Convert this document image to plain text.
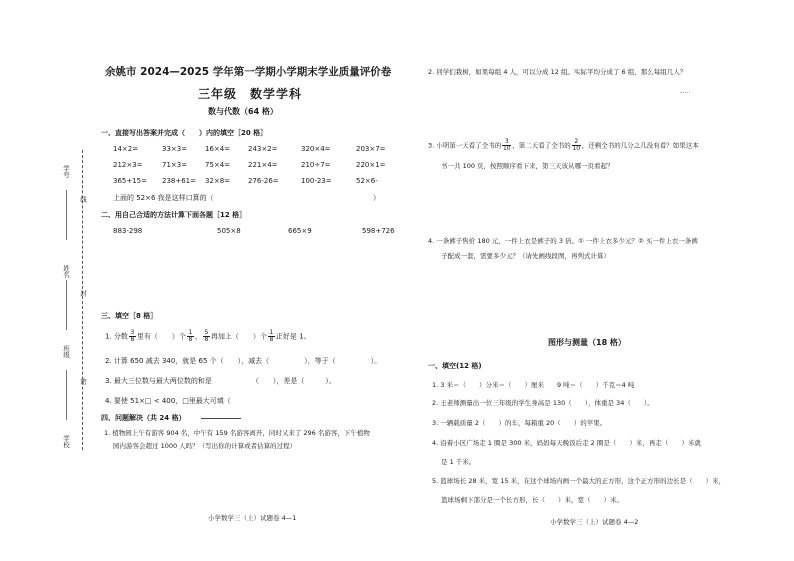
学号
线
姓名
封
班级
密
学校
余姚市 2024—2025 学年第一学期小学期末学业质量评价卷
三年级　数学学科
数与代数（64 格）
一、直接写出答案并完成（　　）内的填空［20 格］
14×2=	33×3=	16×4=	243×2=	320×4=	203×7=
212×3=	71×3=	75×4=	221×4=	210÷7=	220×1=
365+15= 238+61= 32×8=	276-26=	100-23=	52×6-
上面的 52×6 我是这样口算的（	）
二、用自己合适的方法计算下面各题［12 格］
883-298	505×8	665×9	598+726
三、填空［8 格］
1. 分数 $\frac{3}{8}$ 里有（　　）个 $\frac{1}{8}$ ， $\frac{5}{8}$ 再加上（　　）个 $\frac{1}{8}$ 正好是 1。
2. 计算 650 减去 340，就是 65 个（　　），减去（　　　　　），等于（　　　　　）。
3. 最大三位数与最大两位数的和是	（　　），差是（　　　）。
4. 要使 51×□ < 400，□里最大可填（
四、问题解决（共 24 格）
1. 植物园上午有游客 904 名，中午有 159 名游客离开，同时又来了 296 名游客，下午植物
园内游客会超过 1000 人吗？（写出你的计算或者估算的过程）
小学数学三（上）试题卷 4—1
2. 同学们栽树，如果每组 4 人，可以分成 12 组。实际平均分成了 6 组，那么每组几人？
3. 小明第一天看了全书的 $\frac{3}{10}$ ，第二天看了全书的 $\frac{2}{10}$ ，还剩全书的几分之几没有看？如果这本
书一共 100 页，按照顺序看下来，第三天该从哪一页看起？
4. 一条裤子售价 180 元，一件上衣是裤子的 3 倍。① 一件上衣多少元？② 买一件上衣一条裤
子配成一套，需要多少元？（请先画线段图，再列式计算）
图形与测量（18 格）
一、填空(12 格)
1. 3 米＝（　　）分米＝（　　）厘米　　9 吨＝（　　）千克＝4 吨
2. 王老师测量出一位三年级的学生身高是 130（　　），体重是 34（　　）。
3. 一辆载质量 2（　　）的车，每箱重 20（　　）的苹果。
4. 沿着小区广场走 1 圈是 300 米，妈妈每天晚饭后走 2 圈是（　　）米，再走（　　）米就
是 1 千米。
5. 篮球场长 28 米，宽 15 米，在这个球场内画一个最大的正方形，这个正方形的边长是（　　）米，
篮球场剩下部分是一个长方形，长（　　）米，宽（　　）米。
小学数学三（上）试题卷 4—2
